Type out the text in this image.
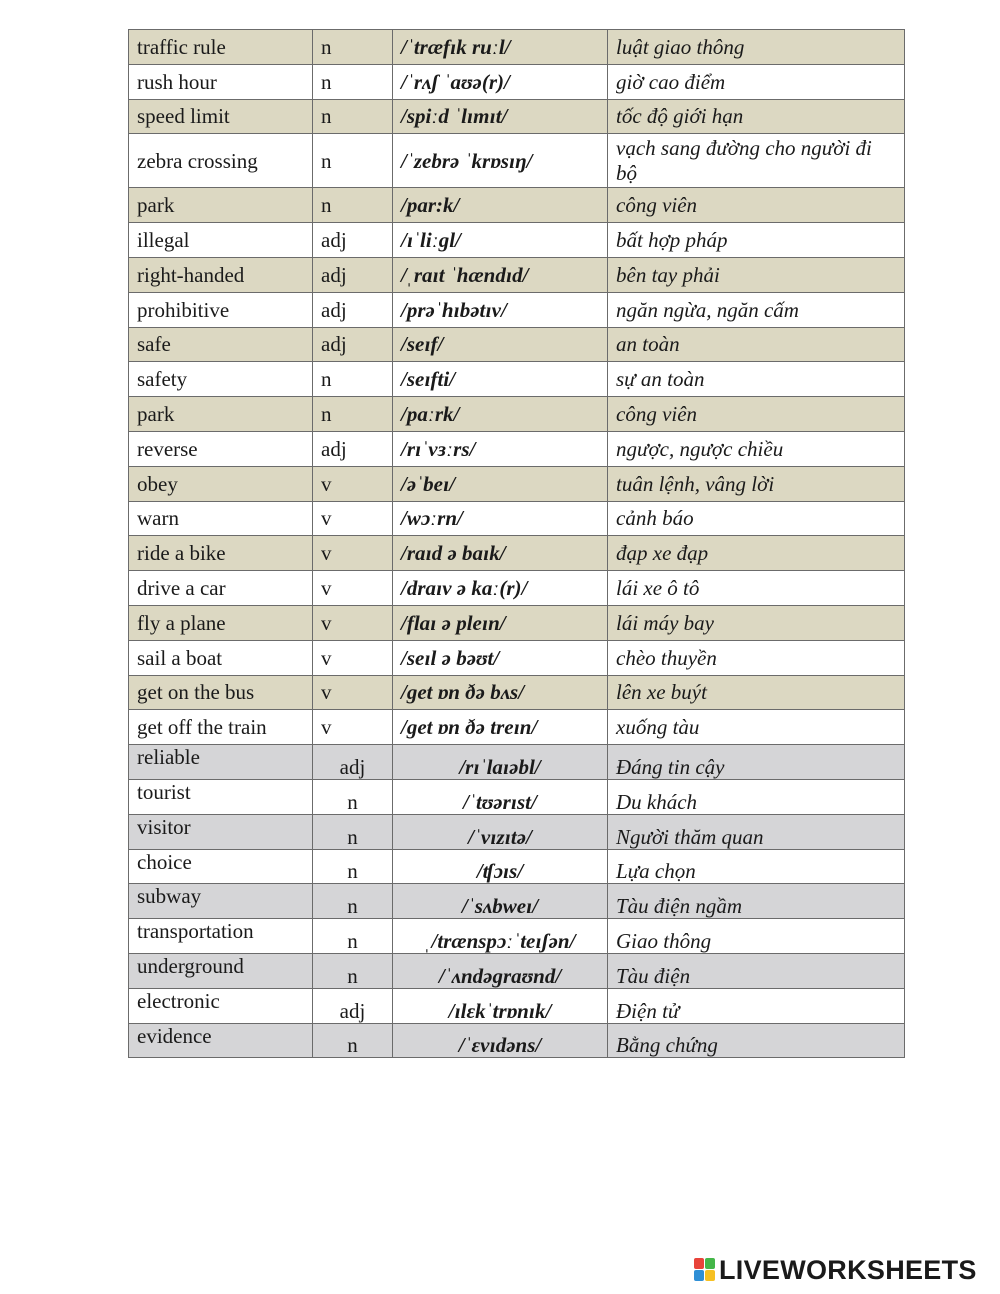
traffic rule	n	/ˈtræfɪk ruːl/	luật giao thông
rush hour	n	/ˈrʌʃ ˈaʊə(r)/	giờ cao điểm
speed limit	n	/spiːd ˈlɪmɪt/	tốc độ giới hạn
zebra crossing	n	/ˈzebrə ˈkrɒsɪŋ/	vạch sang đường cho người đi bộ
park	n	/par:k/	công viên
illegal	adj	/ɪˈliːgl/	bất hợp pháp
right-handed	adj	/ˌraɪt ˈhændɪd/	bên tay phải
prohibitive	adj	/prəˈhɪbətɪv/	ngăn ngừa, ngăn cấm
safe	adj	/seɪf/	an toàn
safety	n	/seɪfti/	sự an toàn
park	n	/paːrk/	công viên
reverse	adj	/rɪˈvɜːrs/	ngược, ngược chiều
obey	v	/əˈbeɪ/	tuân lệnh, vâng lời
warn	v	/wɔːrn/	cảnh báo
ride a bike	v	/raɪd ə baɪk/	đạp xe đạp
drive a car	v	/draɪv ə kaː(r)/	lái xe ô tô
fly a plane	v	/flaɪ ə pleɪn/	lái máy bay
sail a boat	v	/seɪl ə bəʊt/	chèo thuyền
get on the bus	v	/get ɒn ðə bʌs/	lên xe buýt
get off the train	v	/get ɒn ðə treɪn/	xuống tàu
reliable	adj	/rɪˈlaɪəbl/	Đáng tin cậy
tourist	n	/ˈtʊərɪst/	Du khách
visitor	n	/ˈvɪzɪtə/	Người thăm quan
choice	n	/ʧɔɪs/	Lựa chọn
subway	n	/ˈsʌbweɪ/	Tàu điện ngầm
transportation	n	ˌ/trænspɔːˈteɪʃən/	Giao thông
underground	n	/ˈʌndəgraʊnd/	Tàu điện
electronic	adj	/ɪlɛkˈtrɒnɪk/	Điện tử
evidence	n	/ˈɛvɪdəns/	Bằng chứng
LIVEWORKSHEETS
